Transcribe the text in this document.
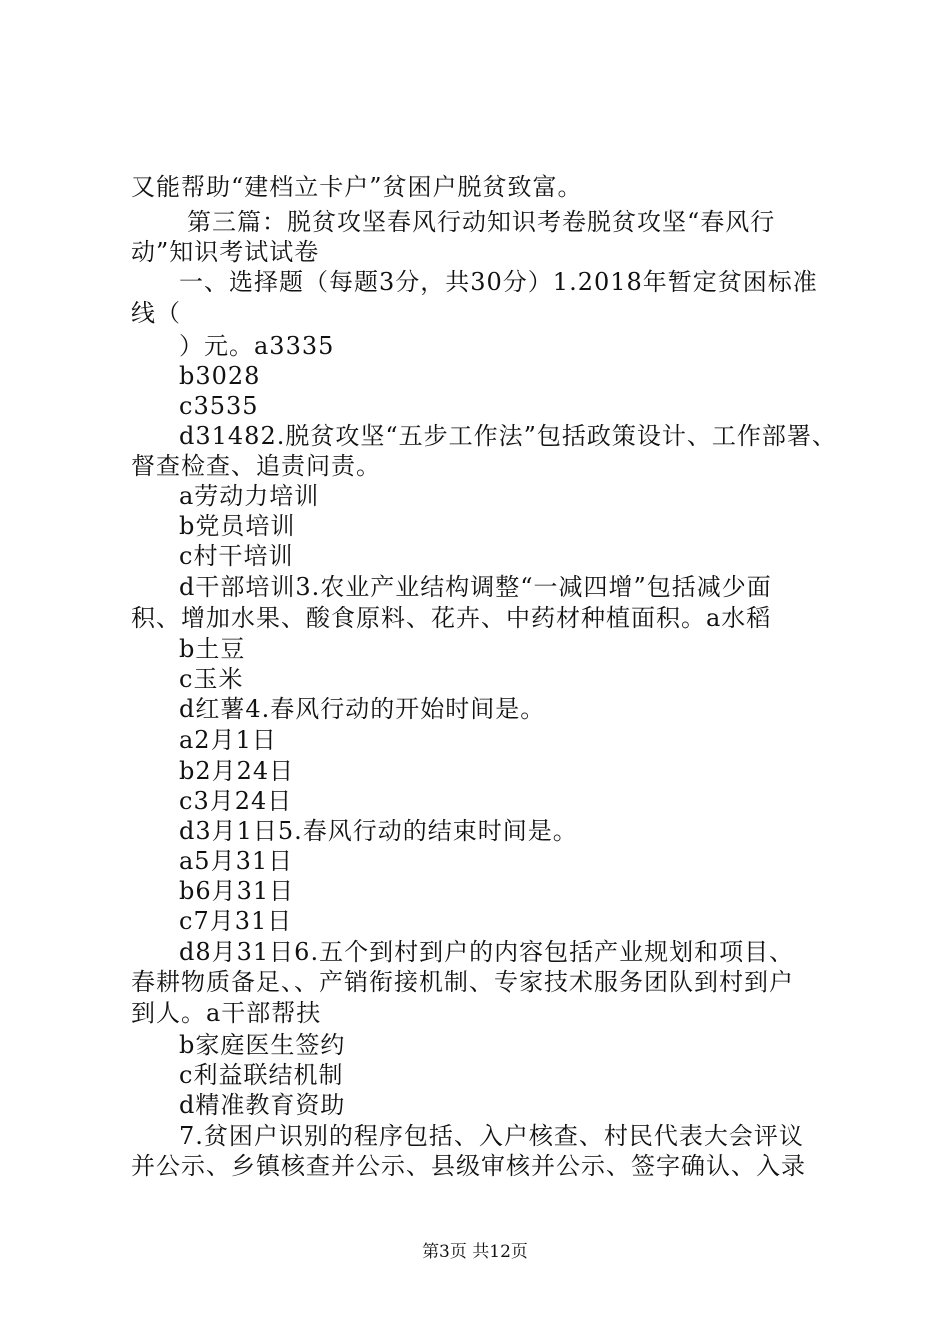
又能帮助“建档立卡户”贫困户脱贫致富。
第三篇：脱贫攻坚春风行动知识考卷脱贫攻坚“春风行
动”知识考试试卷
一、选择题（每题3分，共30分）1.2018年暂定贫困标准
线（
）元。a3335
b3028
c3535
d31482.脱贫攻坚“五步工作法”包括政策设计、工作部署、
督查检查、追责问责。
a劳动力培训
b党员培训
c村干培训
d干部培训3.农业产业结构调整“一减四增”包括减少面
积、增加水果、酸食原料、花卉、中药材种植面积。a水稻
b土豆
c玉米
d红薯4.春风行动的开始时间是。
a2月1日
b2月24日
c3月24日
d3月1日5.春风行动的结束时间是。
a5月31日
b6月31日
c7月31日
d8月31日6.五个到村到户的内容包括产业规划和项目、
春耕物质备足、、产销衔接机制、专家技术服务团队到村到户
到人。a干部帮扶
b家庭医生签约
c利益联结机制
d精准教育资助
7.贫困户识别的程序包括、入户核查、村民代表大会评议
并公示、乡镇核查并公示、县级审核并公示、签字确认、入录
第3页 共12页
